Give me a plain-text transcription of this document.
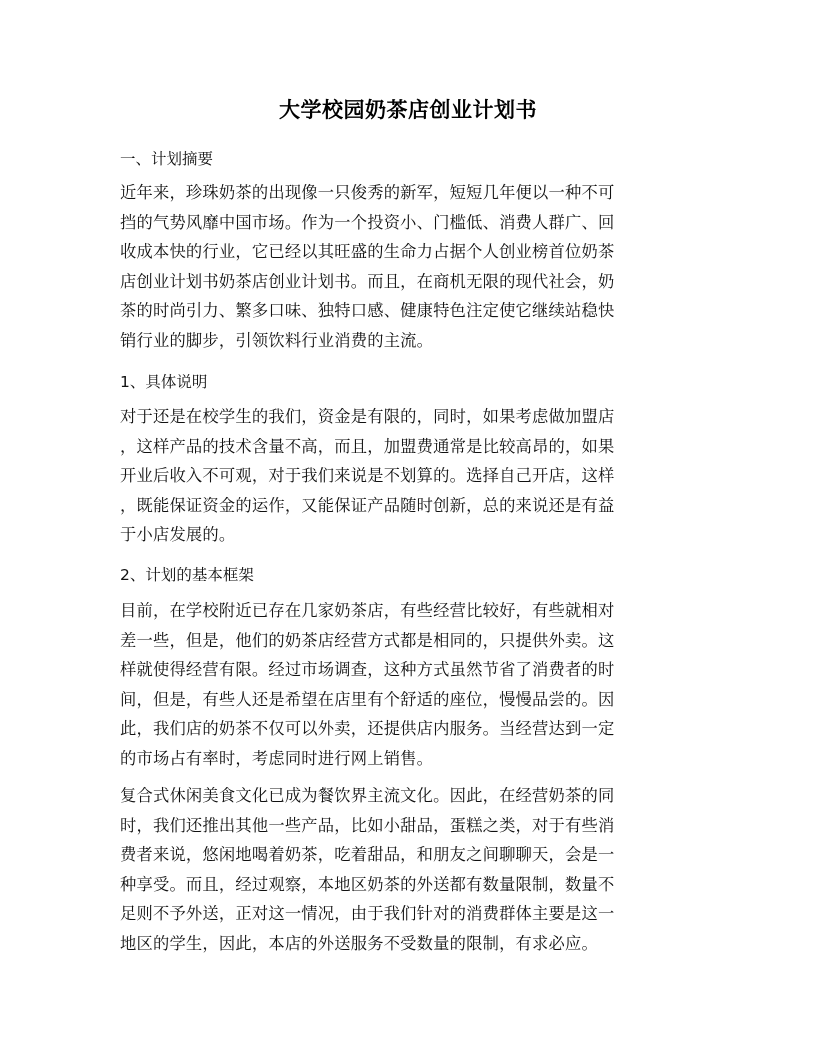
大学校园奶茶店创业计划书
一、计划摘要
近年来，珍珠奶茶的出现像一只俊秀的新军，短短几年便以一种不可
挡的气势风靡中国市场。作为一个投资小、门槛低、消费人群广、回
收成本快的行业，它已经以其旺盛的生命力占据个人创业榜首位奶茶
店创业计划书奶茶店创业计划书。而且，在商机无限的现代社会，奶
茶的时尚引力、繁多口味、独特口感、健康特色注定使它继续站稳快
销行业的脚步，引领饮料行业消费的主流。
1、具体说明
对于还是在校学生的我们，资金是有限的，同时，如果考虑做加盟店
，这样产品的技术含量不高，而且，加盟费通常是比较高昂的，如果
开业后收入不可观，对于我们来说是不划算的。选择自己开店，这样
，既能保证资金的运作，又能保证产品随时创新，总的来说还是有益
于小店发展的。
2、计划的基本框架
目前，在学校附近已存在几家奶茶店，有些经营比较好，有些就相对
差一些，但是，他们的奶茶店经营方式都是相同的，只提供外卖。这
样就使得经营有限。经过市场调查，这种方式虽然节省了消费者的时
间，但是，有些人还是希望在店里有个舒适的座位，慢慢品尝的。因
此，我们店的奶茶不仅可以外卖，还提供店内服务。当经营达到一定
的市场占有率时，考虑同时进行网上销售。
复合式休闲美食文化已成为餐饮界主流文化。因此，在经营奶茶的同
时，我们还推出其他一些产品，比如小甜品，蛋糕之类，对于有些消
费者来说，悠闲地喝着奶茶，吃着甜品，和朋友之间聊聊天，会是一
种享受。而且，经过观察，本地区奶茶的外送都有数量限制，数量不
足则不予外送，正对这一情况，由于我们针对的消费群体主要是这一
地区的学生，因此，本店的外送服务不受数量的限制，有求必应。
